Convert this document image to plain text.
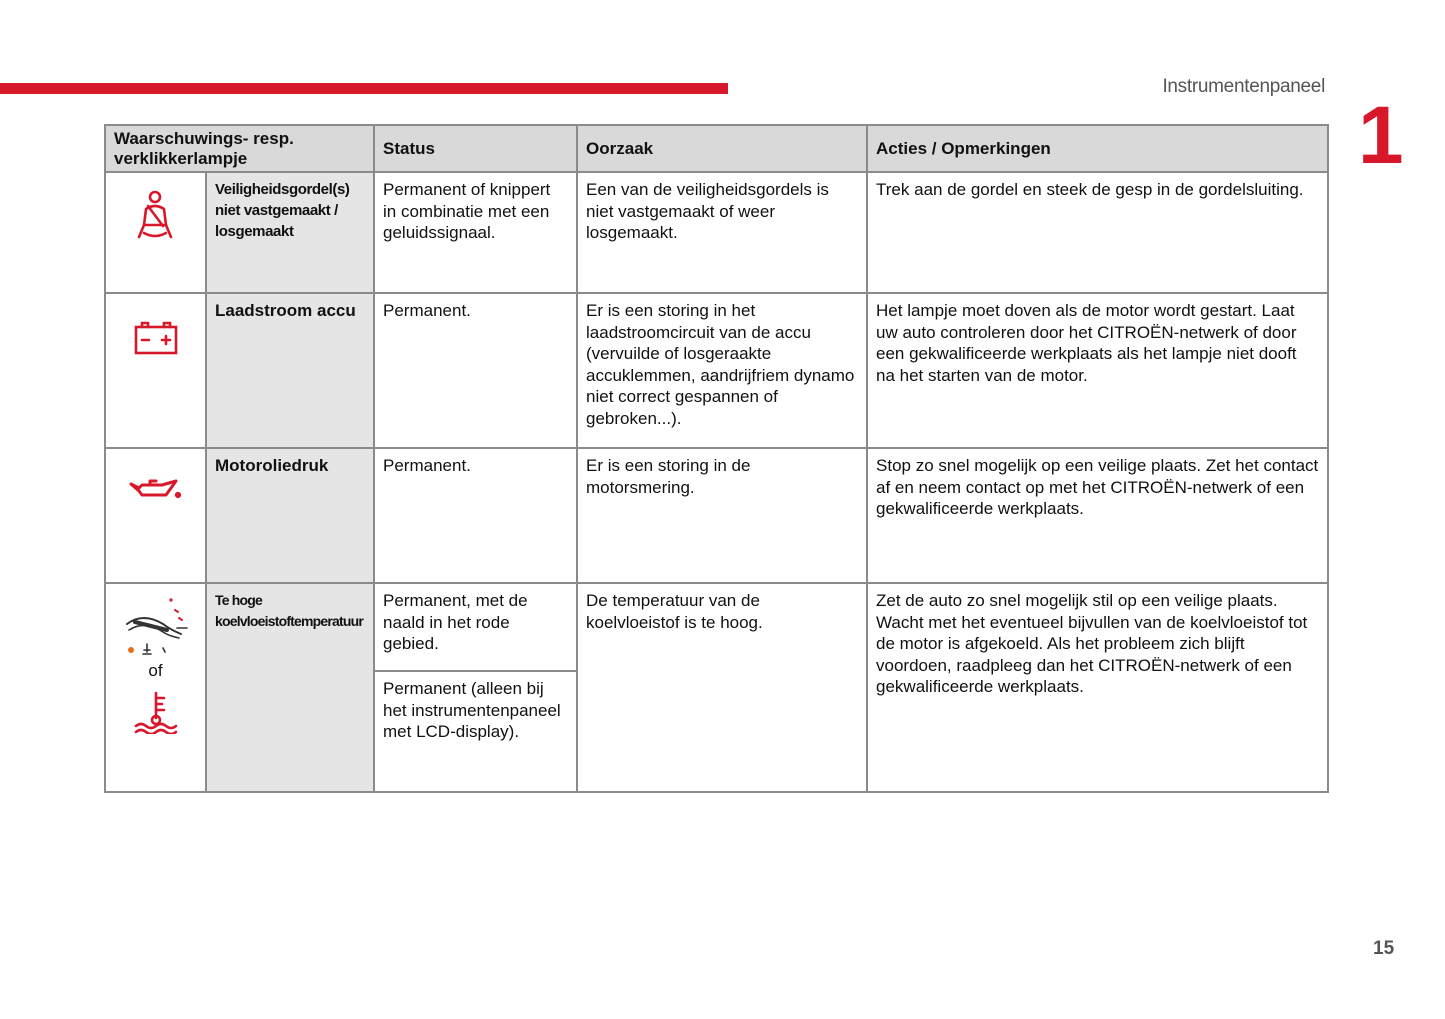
Instrumentenpaneel
1
Waarschuwings- resp. verklikkerlampje		Status	Oorzaak	Acties / Opmerkingen

Veiligheidsgordel(s) niet vastgemaakt / losgemaakt	Permanent of knippert in combinatie met een geluidssignaal.	Een van de veiligheidsgordels is niet vastgemaakt of weer losgemaakt.	Trek aan de gordel en steek de gesp in de gordelsluiting.

Laadstroom accu	Permanent.	Er is een storing in het laadstroomcircuit van de accu (vervuilde of losgeraakte accuklemmen, aandrijfriem dynamo niet correct gespannen of gebroken...).	Het lampje moet doven als de motor wordt gestart. Laat uw auto controleren door het CITROËN-netwerk of door een gekwalificeerde werkplaats als het lampje niet dooft na het starten van de motor.

Motoroliedruk	Permanent.	Er is een storing in de motorsmering.	Stop zo snel mogelijk op een veilige plaats. Zet het contact af en neem contact op met het CITROËN-netwerk of een gekwalificeerde werkplaats.

of	Te hoge koelvloeistoftemperatuur	Permanent, met de naald in het rode gebied.	De temperatuur van de koelvloeistof is te hoog.	Zet de auto zo snel mogelijk stil op een veilige plaats. Wacht met het eventueel bijvullen van de koelvloeistof tot de motor is afgekoeld. Als het probleem zich blijft voordoen, raadpleeg dan het CITROËN-netwerk of een gekwalificeerde werkplaats.

		Permanent (alleen bij het instrumentenpaneel met LCD-display).		
15
